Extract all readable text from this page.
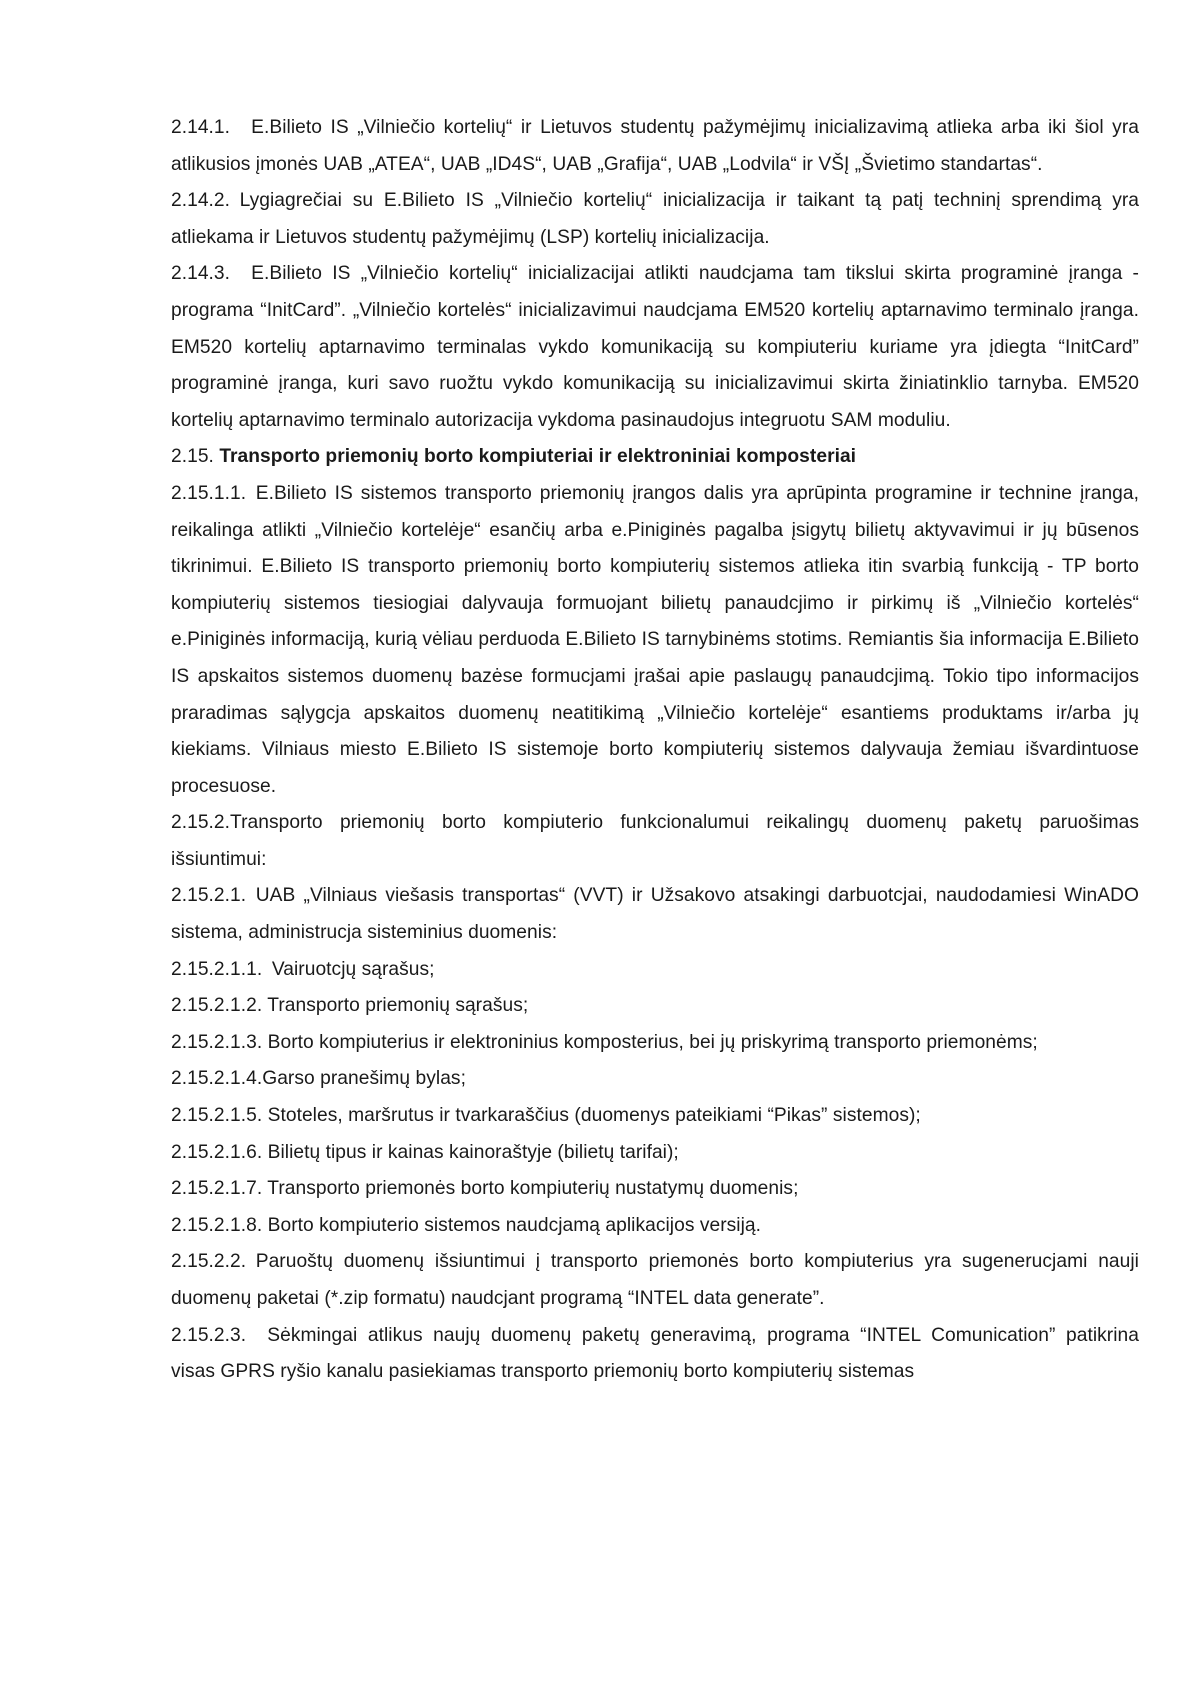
2.14.1. E.Bilieto IS „Vilniečio kortelių“ ir Lietuvos studentų pažymėjimų inicializavimą atlieka arba iki šiol yra atlikusios įmonės UAB „ATEA“, UAB „ID4S“, UAB „Grafija“, UAB „Lodvila“ ir VŠĮ „Švietimo standartas“.

2.14.2. Lygiagrečiai su E.Bilieto IS „Vilniečio kortelių“ inicializacija ir taikant tą patį techninį sprendimą yra atliekama ir Lietuvos studentų pažymėjimų (LSP) kortelių inicializacija.

2.14.3. E.Bilieto IS „Vilniečio kortelių“ inicializacijai atlikti naudcjama tam tikslui skirta programinė įranga - programa “InitCard”. „Vilniečio kortelės“ inicializavimui naudcjama EM520 kortelių aptarnavimo terminalo įranga. EM520 kortelių aptarnavimo terminalas vykdo komunikaciją su kompiuteriu kuriame yra įdiegta “InitCard” programinė įranga, kuri savo ruožtu vykdo komunikaciją su inicializavimui skirta žiniatinklio tarnyba. EM520 kortelių aptarnavimo terminalo autorizacija vykdoma pasinaudojus integruotu SAM moduliu.

2.15. Transporto priemonių borto kompiuteriai ir elektroniniai komposteriai

2.15.1.1. E.Bilieto IS sistemos transporto priemonių įrangos dalis yra aprūpinta programine ir technine įranga, reikalinga atlikti „Vilniečio kortelėje“ esančių arba e.Piniginės pagalba įsigytų bilietų aktyvavimui ir jų būsenos tikrinimui. E.Bilieto IS transporto priemonių borto kompiuterių sistemos atlieka itin svarbią funkciją - TP borto kompiuterių sistemos tiesiogiai dalyvauja formuojant bilietų panaudcjimo ir pirkimų iš „Vilniečio kortelės“ e.Piniginės informaciją, kurią vėliau perduoda E.Bilieto IS tarnybinėms stotims. Remiantis šia informacija E.Bilieto IS apskaitos sistemos duomenų bazėse formucjami įrašai apie paslaugų panaudcjimą. Tokio tipo informacijos praradimas sąlygcja apskaitos duomenų neatitikimą „Vilniečio kortelėje“ esantiems produktams ir/arba jų kiekiams. Vilniaus miesto E.Bilieto IS sistemoje borto kompiuterių sistemos dalyvauja žemiau išvardintuose procesuose.

2.15.2.Transporto priemonių borto kompiuterio funkcionalumui reikalingų duomenų paketų paruošimas išsiuntimui:

2.15.2.1. UAB „Vilniaus viešasis transportas“ (VVT) ir Užsakovo atsakingi darbuotcjai, naudodamiesi WinADO sistema, administrucja sisteminius duomenis:

2.15.2.1.1. Vairuotcjų sąrašus;

2.15.2.1.2. Transporto priemonių sąrašus;

2.15.2.1.3. Borto kompiuterius ir elektroninius komposterius, bei jų priskyrimą transporto priemonėms;

2.15.2.1.4.Garso pranešimų bylas;

2.15.2.1.5. Stoteles, maršrutus ir tvarkaraščius (duomenys pateikiami “Pikas” sistemos);

2.15.2.1.6. Bilietų tipus ir kainas kainoraštyje (bilietų tarifai);

2.15.2.1.7. Transporto priemonės borto kompiuterių nustatymų duomenis;

2.15.2.1.8. Borto kompiuterio sistemos naudcjamą aplikacijos versiją.

2.15.2.2. Paruoštų duomenų išsiuntimui į transporto priemonės borto kompiuterius yra sugenerucjami nauji duomenų paketai (*.zip formatu) naudcjant programą “INTEL data generate”.

2.15.2.3. Sėkmingai atlikus naujų duomenų paketų generavimą, programa “INTEL Comunication” patikrina visas GPRS ryšio kanalu pasiekiamas transporto priemonių borto kompiuterių sistemas
